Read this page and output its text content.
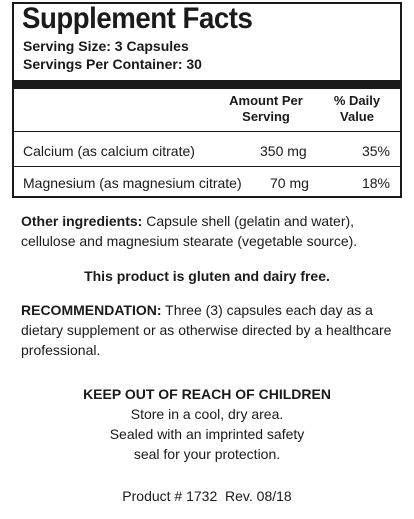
Supplement Facts
Serving Size: 3 Capsules
Servings Per Container: 30
Amount Per
Serving
% Daily
Value
Calcium (as calcium citrate)	350 mg	35%
Magnesium (as magnesium citrate) 70 mg	18%
Other ingredients: Capsule shell (gelatin and water), cellulose and magnesium stearate (vegetable source).
This product is gluten and dairy free.
RECOMMENDATION: Three (3) capsules each day as a dietary supplement or as otherwise directed by a healthcare professional.
KEEP OUT OF REACH OF CHILDREN
Store in a cool, dry area.
Sealed with an imprinted safety
seal for your protection.
Product # 1732  Rev. 08/18
